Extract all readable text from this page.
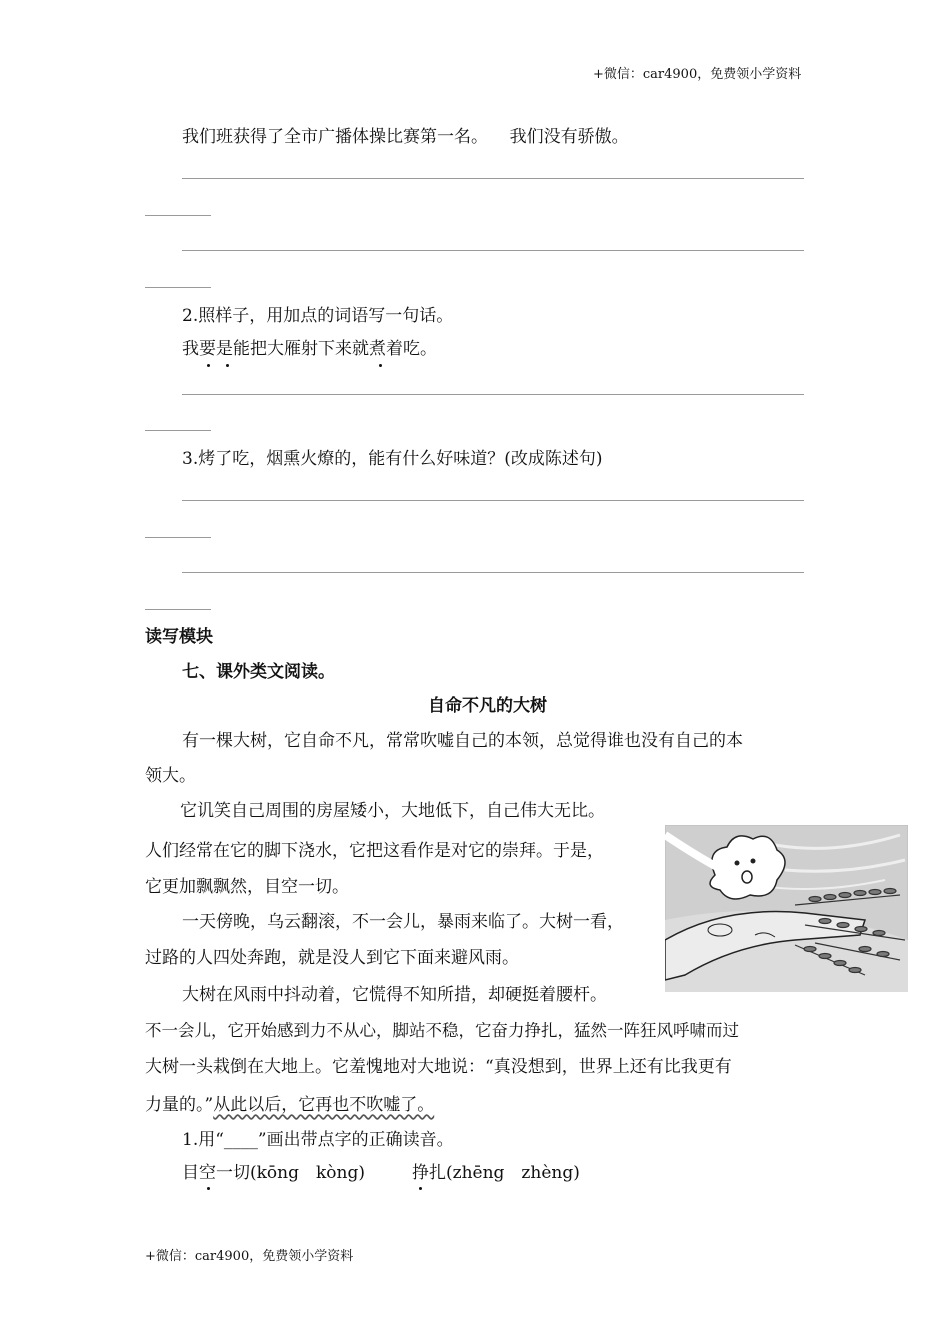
+微信：car4900，免费领小学资料
我们班获得了全市广播体操比赛第一名。    我们没有骄傲。
2.照样子，用加点的词语写一句话。
我要是能把大雁射下来就煮着吃。
3.烤了吃，烟熏火燎的，能有什么好味道？(改成陈述句)
读写模块
七、课外类文阅读。
自命不凡的大树
有一棵大树，它自命不凡，常常吹嘘自己的本领，总觉得谁也没有自己的本
领大。
它讥笑自己周围的房屋矮小，大地低下，自己伟大无比。
人们经常在它的脚下浇水，它把这看作是对它的崇拜。于是，
它更加飘飘然，目空一切。
一天傍晚，乌云翻滚，不一会儿，暴雨来临了。大树一看，
过路的人四处奔跑，就是没人到它下面来避风雨。
大树在风雨中抖动着，它慌得不知所措，却硬挺着腰杆。
不一会儿，它开始感到力不从心，脚站不稳，它奋力挣扎，猛然一阵狂风呼啸而过
大树一头栽倒在大地上。它羞愧地对大地说：“真没想到，世界上还有比我更有
力量的。”从此以后，它再也不吹嘘了。
1.用“____”画出带点字的正确读音。
目空一切(kōng　kòng)	挣扎(zhēng　zhèng)
+微信：car4900，免费领小学资料
